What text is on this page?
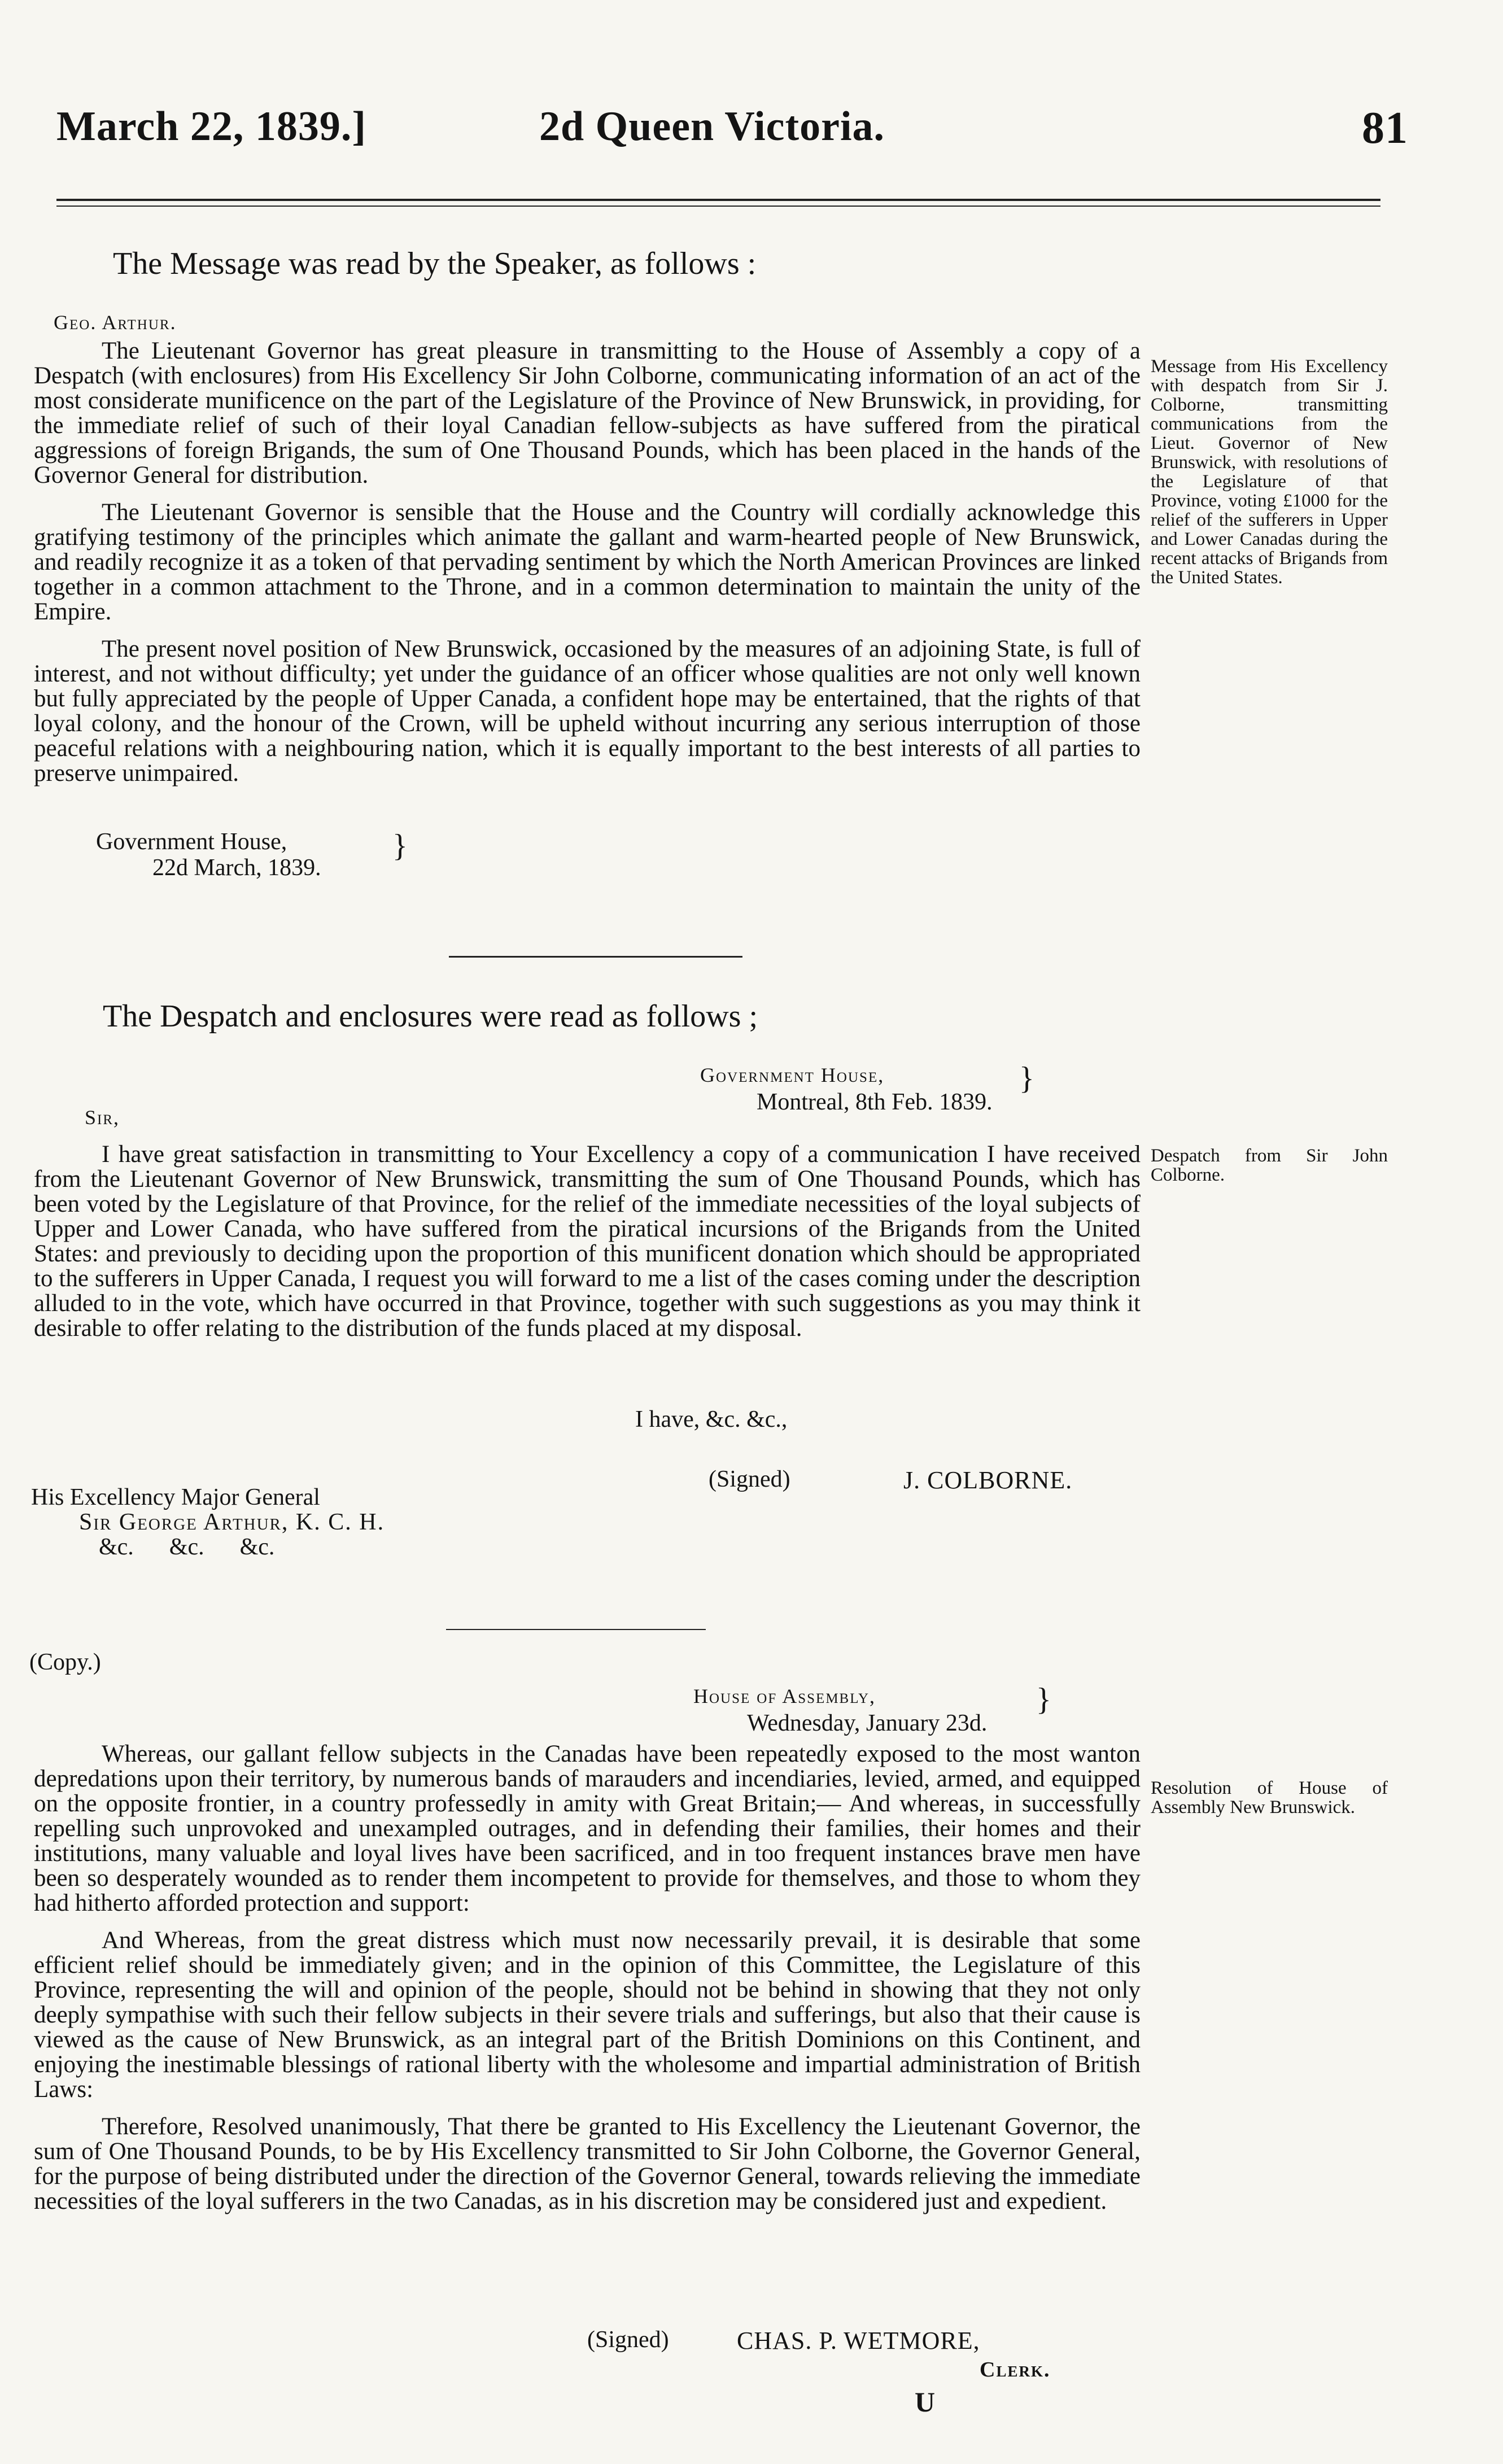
March 22, 1839.]	2d Queen Victoria.	81
The Message was read by the Speaker, as follows :
Geo. Arthur.

The Lieutenant Governor has great pleasure in transmitting to the House of Assembly a copy of a Despatch (with enclosures) from His Excellency Sir John Colborne, communicating information of an act of the most considerate munificence on the part of the Legislature of the Province of New Brunswick, in providing, for the immediate relief of such of their loyal Canadian fellow-subjects as have suffered from the piratical aggressions of foreign Brigands, the sum of One Thousand Pounds, which has been placed in the hands of the Governor General for distribution.

The Lieutenant Governor is sensible that the House and the Country will cordially acknowledge this gratifying testimony of the principles which animate the gallant and warm-hearted people of New Brunswick, and readily recognize it as a token of that pervading sentiment by which the North American Provinces are linked together in a common attachment to the Throne, and in a common determination to maintain the unity of the Empire.

The present novel position of New Brunswick, occasioned by the measures of an adjoining State, is full of interest, and not without difficulty; yet under the guidance of an officer whose qualities are not only well known but fully appreciated by the people of Upper Canada, a confident hope may be entertained, that the rights of that loyal colony, and the honour of the Crown, will be upheld without incurring any serious interruption of those peaceful relations with a neighbouring nation, which it is equally important to the best interests of all parties to preserve unimpaired.

Government House,
22d March, 1839.
}
Message from His Excellency with despatch from Sir J. Colborne, transmitting communications from the Lieut. Governor of New Brunswick, with resolutions of the Legislature of that Province, voting £1000 for the relief of the sufferers in Upper and Lower Canadas during the recent attacks of Brigands from the United States.
The Despatch and enclosures were read as follows ;
Government House,
Montreal, 8th Feb. 1839.
}
Sir,

I have great satisfaction in transmitting to Your Excellency a copy of a communication I have received from the Lieutenant Governor of New Brunswick, transmitting the sum of One Thousand Pounds, which has been voted by the Legislature of that Province, for the relief of the immediate necessities of the loyal subjects of Upper and Lower Canada, who have suffered from the piratical incursions of the Brigands from the United States: and previously to deciding upon the proportion of this munificent donation which should be appropriated to the sufferers in Upper Canada, I request you will forward to me a list of the cases coming under the description alluded to in the vote, which have occurred in that Province, together with such suggestions as you may think it desirable to offer relating to the distribution of the funds placed at my disposal.

Despatch from Sir John Colborne.
I have, &c. &c.,
(Signed)	J. COLBORNE.
His Excellency Major General
Sir George Arthur, K. C. H.
&c.      &c.      &c.
(Copy.)
House of Assembly,
Wednesday, January 23d.
}

Whereas, our gallant fellow subjects in the Canadas have been repeatedly exposed to the most wanton depredations upon their territory, by numerous bands of marauders and incendiaries, levied, armed, and equipped on the opposite frontier, in a country professedly in amity with Great Britain;— And whereas, in successfully repelling such unprovoked and unexampled outrages, and in defending their families, their homes and their institutions, many valuable and loyal lives have been sacrificed, and in too frequent instances brave men have been so desperately wounded as to render them incompetent to provide for themselves, and those to whom they had hitherto afforded protection and support:

And Whereas, from the great distress which must now necessarily prevail, it is desirable that some efficient relief should be immediately given; and in the opinion of this Committee, the Legislature of this Province, representing the will and opinion of the people, should not be behind in showing that they not only deeply sympathise with such their fellow subjects in their severe trials and sufferings, but also that their cause is viewed as the cause of New Brunswick, as an integral part of the British Dominions on this Continent, and enjoying the inestimable blessings of rational liberty with the wholesome and impartial administration of British Laws:

Therefore, Resolved unanimously, That there be granted to His Excellency the Lieutenant Governor, the sum of One Thousand Pounds, to be by His Excellency transmitted to Sir John Colborne, the Governor General, for the purpose of being distributed under the direction of the Governor General, towards relieving the immediate necessities of the loyal sufferers in the two Canadas, as in his discretion may be considered just and expedient.

Resolution of House of Assembly New Brunswick.
(Signed)	CHAS. P. WETMORE,
Clerk.
U
